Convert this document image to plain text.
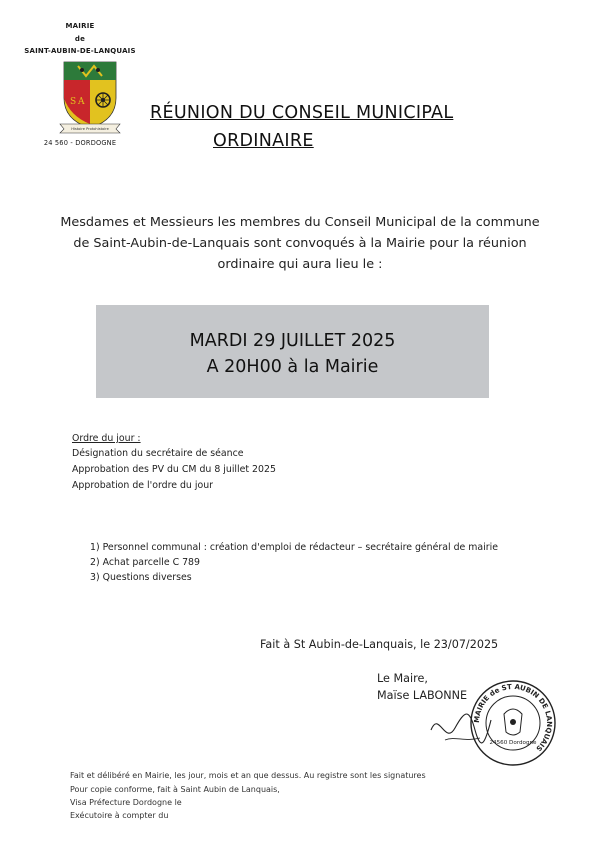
MAIRIE
de
SAINT-AUBIN-DE-LANQUAIS
S A
Histoire Protohistoire
24 560 - DORDOGNE
RÉUNION DU CONSEIL MUNICIPAL
ORDINAIRE
Mesdames et Messieurs les membres du Conseil Municipal de la commune
de Saint-Aubin-de-Lanquais sont convoqués à la Mairie pour la réunion
ordinaire qui aura lieu le :
MARDI 29 JUILLET 2025
A 20H00 à la Mairie
Ordre du jour :
Désignation du secrétaire de séance
Approbation des PV du CM du 8 juillet 2025
Approbation de l'ordre du jour
1) Personnel communal : création d'emploi de rédacteur – secrétaire général de mairie
2) Achat parcelle C 789
3) Questions diverses
Fait à St Aubin-de-Lanquais, le 23/07/2025
Le Maire,
Maïse LABONNE
MAIRIE de ST AUBIN DE LANQUAIS
24560 Dordogne
Fait et délibéré en Mairie, les jour, mois et an que dessus. Au registre sont les signatures
Pour copie conforme, fait à Saint Aubin de Lanquais,
Visa Préfecture Dordogne le
Exécutoire à compter du
